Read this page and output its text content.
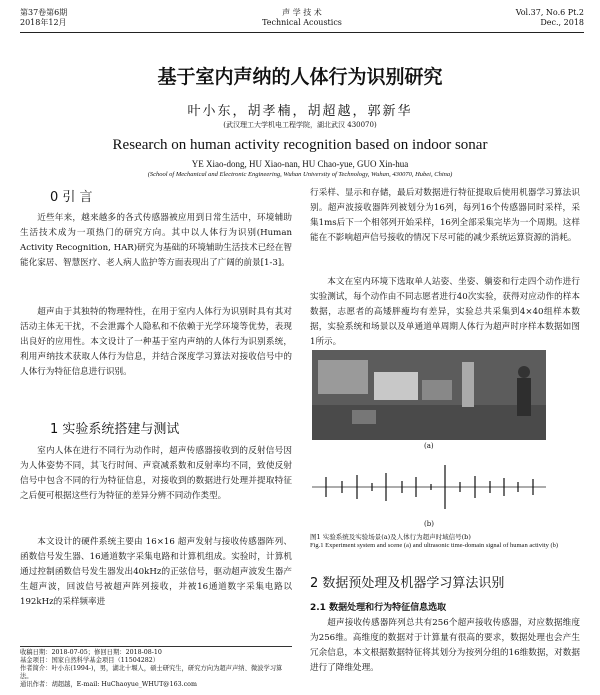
第37卷第6期
2018年12月
声 学 技 术
Technical Acoustics
Vol.37, No.6 Pt.2
Dec., 2018
基于室内声纳的人体行为识别研究
叶小东，胡孝楠，胡超越，郭新华
(武汉理工大学机电工程学院，湖北武汉 430070)
Research on human activity recognition based on indoor sonar
YE Xiao-dong, HU Xiao-nan, HU Chao-yue, GUO Xin-hua
(School of Mechanical and Electronic Engineering, Wuhan University of Technology, Wuhan, 430070, Hubei, China)
0 引 言

近些年来，越来越多的各式传感器被应用到日常生活中，环境辅助生活技术成为一项热门的研究方向。其中以人体行为识别(Human Activity Recognition, HAR)研究为基础的环境辅助生活技术已经在智能化家居、智慧医疗、老人病人监护等方面表现出了广阔的前景[1-3]。

超声由于其独特的物理特性，在用于室内人体行为识别时具有其对活动主体无干扰，不会泄露个人隐私和不依赖于光学环境等优势，表现出良好的应用性。本文设计了一种基于室内声纳的人体行为识别系统，利用声纳技术获取人体行为信息，并结合深度学习算法对接收信号中的人体行为特征信息进行识别。

1 实验系统搭建与测试

室内人体在进行不同行为动作时，超声传感器接收到的反射信号因为人体姿势不同，其飞行时间、声衰减系数和反射率均不同，致使反射信号中包含不同的行为特征信息，对接收到的数据进行处理并提取特征之后便可根据这些行为特征的差异分辨不同动作类型。

本文设计的硬件系统主要由 16×16 超声发射与接收传感器阵列、函数信号发生器、16通道数字采集电路和计算机组成。实验时，计算机通过控制函数信号发生器发出40kHz的正弦信号，驱动超声波发生器产生超声波，回波信号被超声阵列接收，并被16通道数字采集电路以192kHz的采样频率进

收稿日期：2018-07-05；修回日期：2018-08-10
基金项目：国家自然科学基金项目（11504282）
作者简介：叶小东(1994-)，男，湖北十堰人，硕士研究生，研究方向为超声声纳、微波学习算法。
通讯作者：胡超越，E-mail: HuChaoyue_WHUT@163.com

行采样、显示和存储，最后对数据进行特征提取后使用机器学习算法识别。超声波接收器阵列被划分为16列，每列16个传感器同时采样，采集1ms后下一个相邻列开始采样，16列全部采集完毕为一个周期。这样能在不影响超声信号接收的情况下尽可能的减少系统运算资源的消耗。

本文在室内环境下选取单人站姿、坐姿、躺姿和行走四个动作进行实验测试，每个动作由不同志愿者进行40次实验，获得对应动作的样本数据，志愿者的高矮胖瘦均有差异，实验总共采集到4×40组样本数据，实验系统和场景以及单通道单周期人体行为超声时序样本数据如图1所示。

(a)
(b)
图1 实验系统及实验场景(a)及人体行为超声时域信号(b)
Fig.1 Experiment system and scene (a) and ultrasonic time-domain signal of human activity (b)
2 数据预处理及机器学习算法识别
2.1 数据处理和行为特征信息选取

超声接收传感器阵列总共有256个超声接收传感器，对应数据维度为256维。高维度的数据对于计算量有很高的要求，数据处理也会产生冗余信息，本文根据数据特征将其划分为按列分组的16维数据，对数据进行了降维处理。
